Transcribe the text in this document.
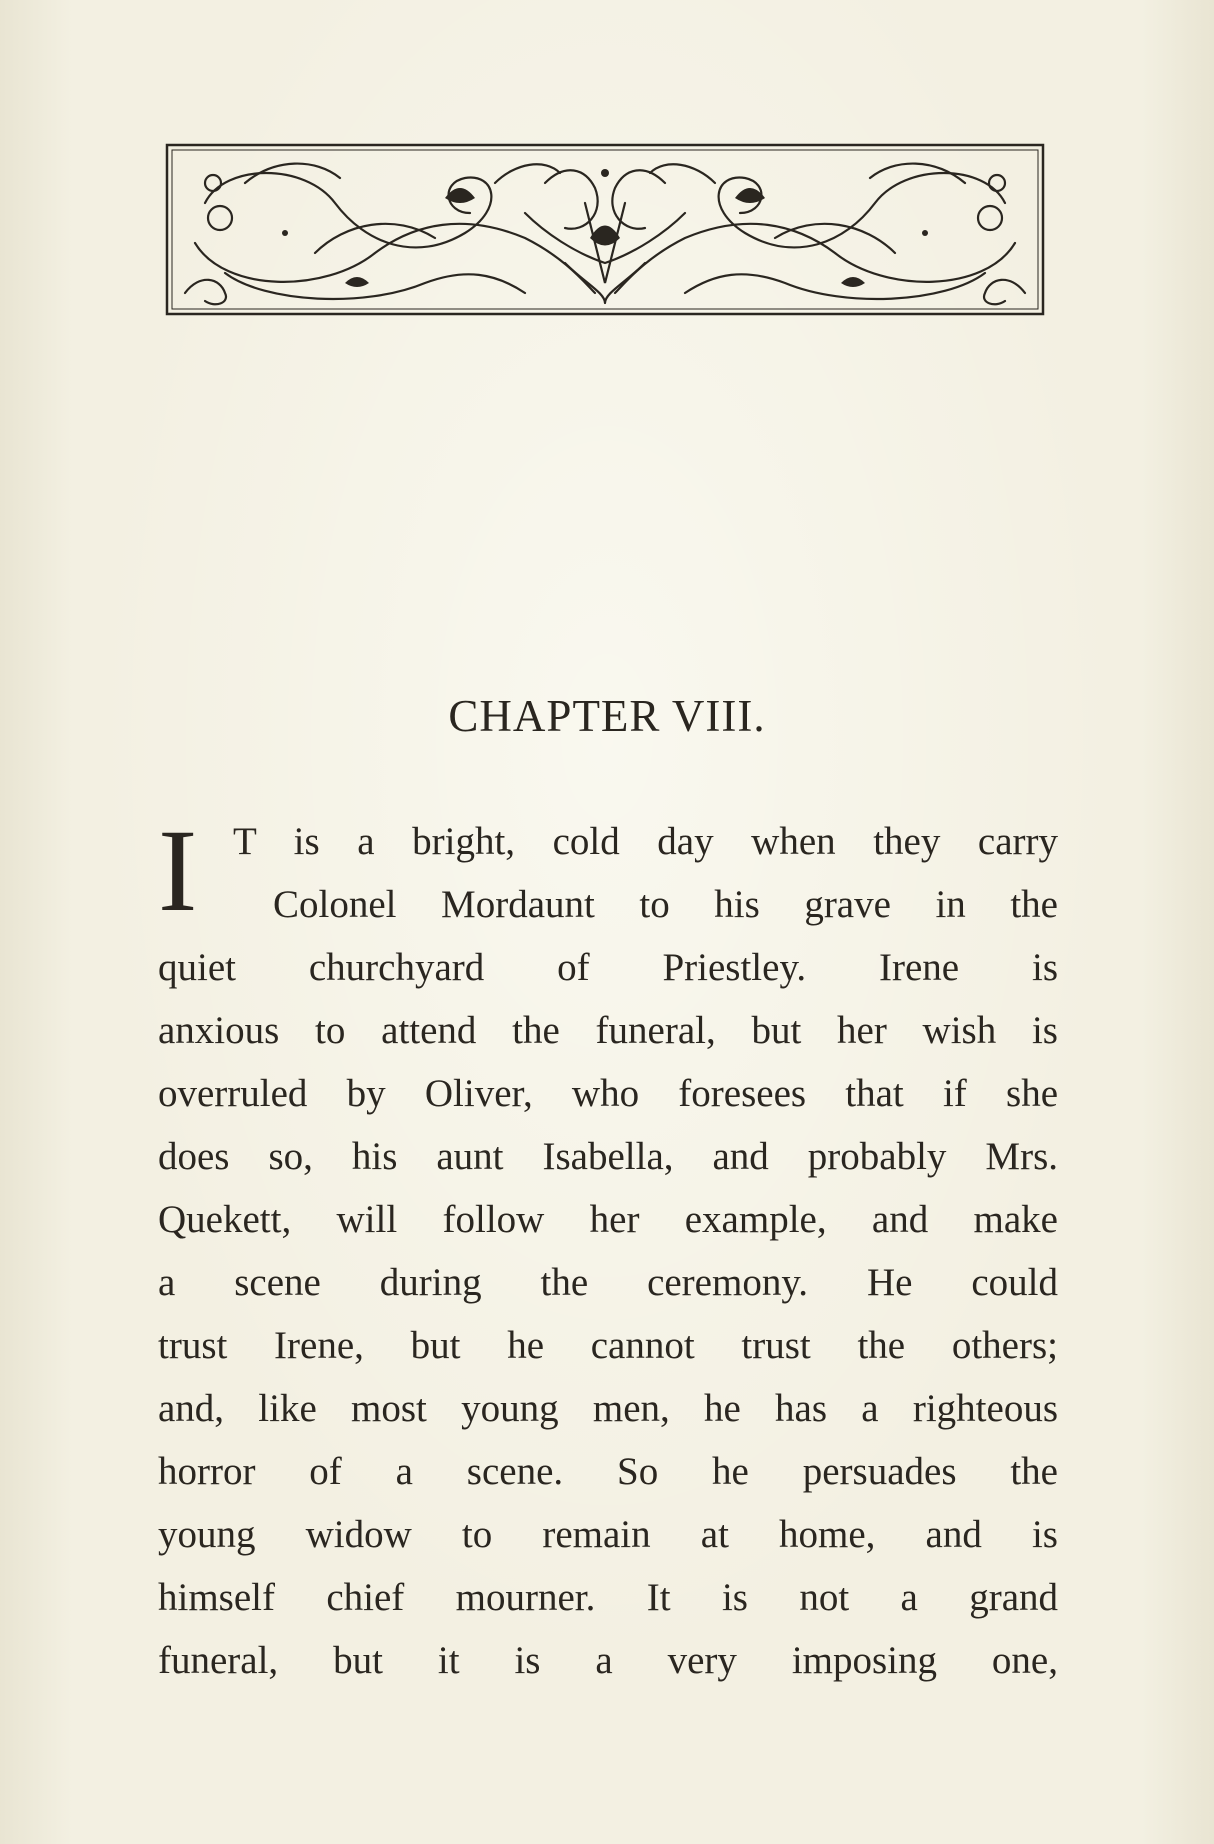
CHAPTER VIII.
I T is a bright, cold day when they carry
Colonel Mordaunt to his grave in the
quiet churchyard of Priestley. Irene is
anxious to attend the funeral, but her wish is
overruled by Oliver, who foresees that if she
does so, his aunt Isabella, and probably Mrs.
Quekett, will follow her example, and make
a scene during the ceremony. He could
trust Irene, but he cannot trust the others;
and, like most young men, he has a righteous
horror of a scene. So he persuades the
young widow to remain at home, and is
himself chief mourner. It is not a grand
funeral, but it is a very imposing one,
